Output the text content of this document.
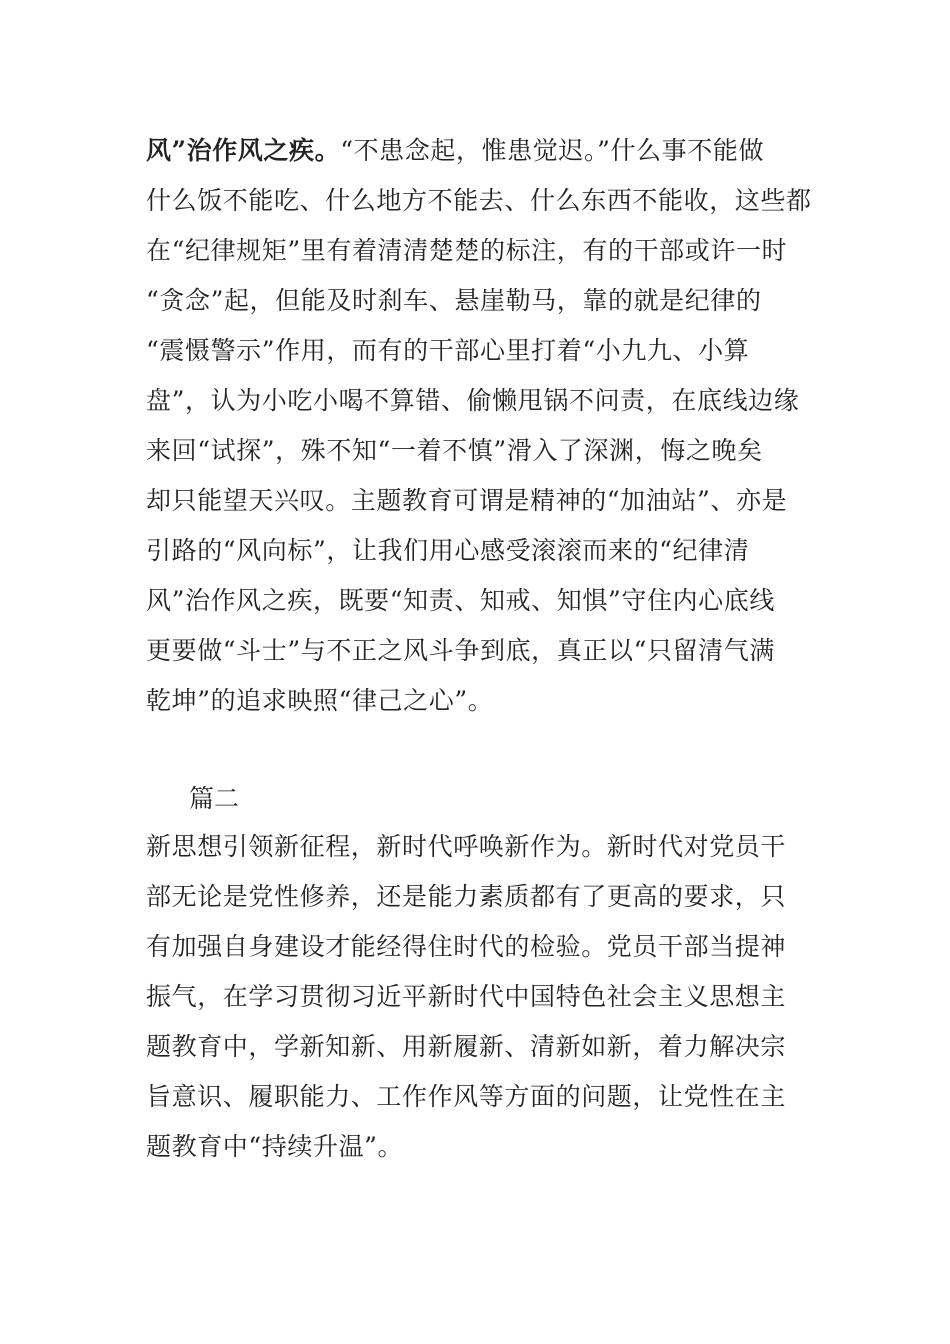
风”治作风之疾。“不患念起，惟患觉迟。”什么事不能做
什么饭不能吃、什么地方不能去、什么东西不能收，这些都
在“纪律规矩”里有着清清楚楚的标注，有的干部或许一时
“贪念”起，但能及时刹车、悬崖勒马，靠的就是纪律的
“震慑警示”作用，而有的干部心里打着“小九九、小算
盘”，认为小吃小喝不算错、偷懒甩锅不问责，在底线边缘
来回“试探”，殊不知“一着不慎”滑入了深渊，悔之晚矣
却只能望天兴叹。主题教育可谓是精神的“加油站”、亦是
引路的“风向标”，让我们用心感受滚滚而来的“纪律清
风”治作风之疾，既要“知责、知戒、知惧”守住内心底线
更要做“斗士”与不正之风斗争到底，真正以“只留清气满
乾坤”的追求映照“律己之心”。
篇二
新思想引领新征程，新时代呼唤新作为。新时代对党员干
部无论是党性修养，还是能力素质都有了更高的要求，只
有加强自身建设才能经得住时代的检验。党员干部当提神
振气，在学习贯彻习近平新时代中国特色社会主义思想主
题教育中，学新知新、用新履新、清新如新，着力解决宗
旨意识、履职能力、工作作风等方面的问题，让党性在主
题教育中“持续升温”。
